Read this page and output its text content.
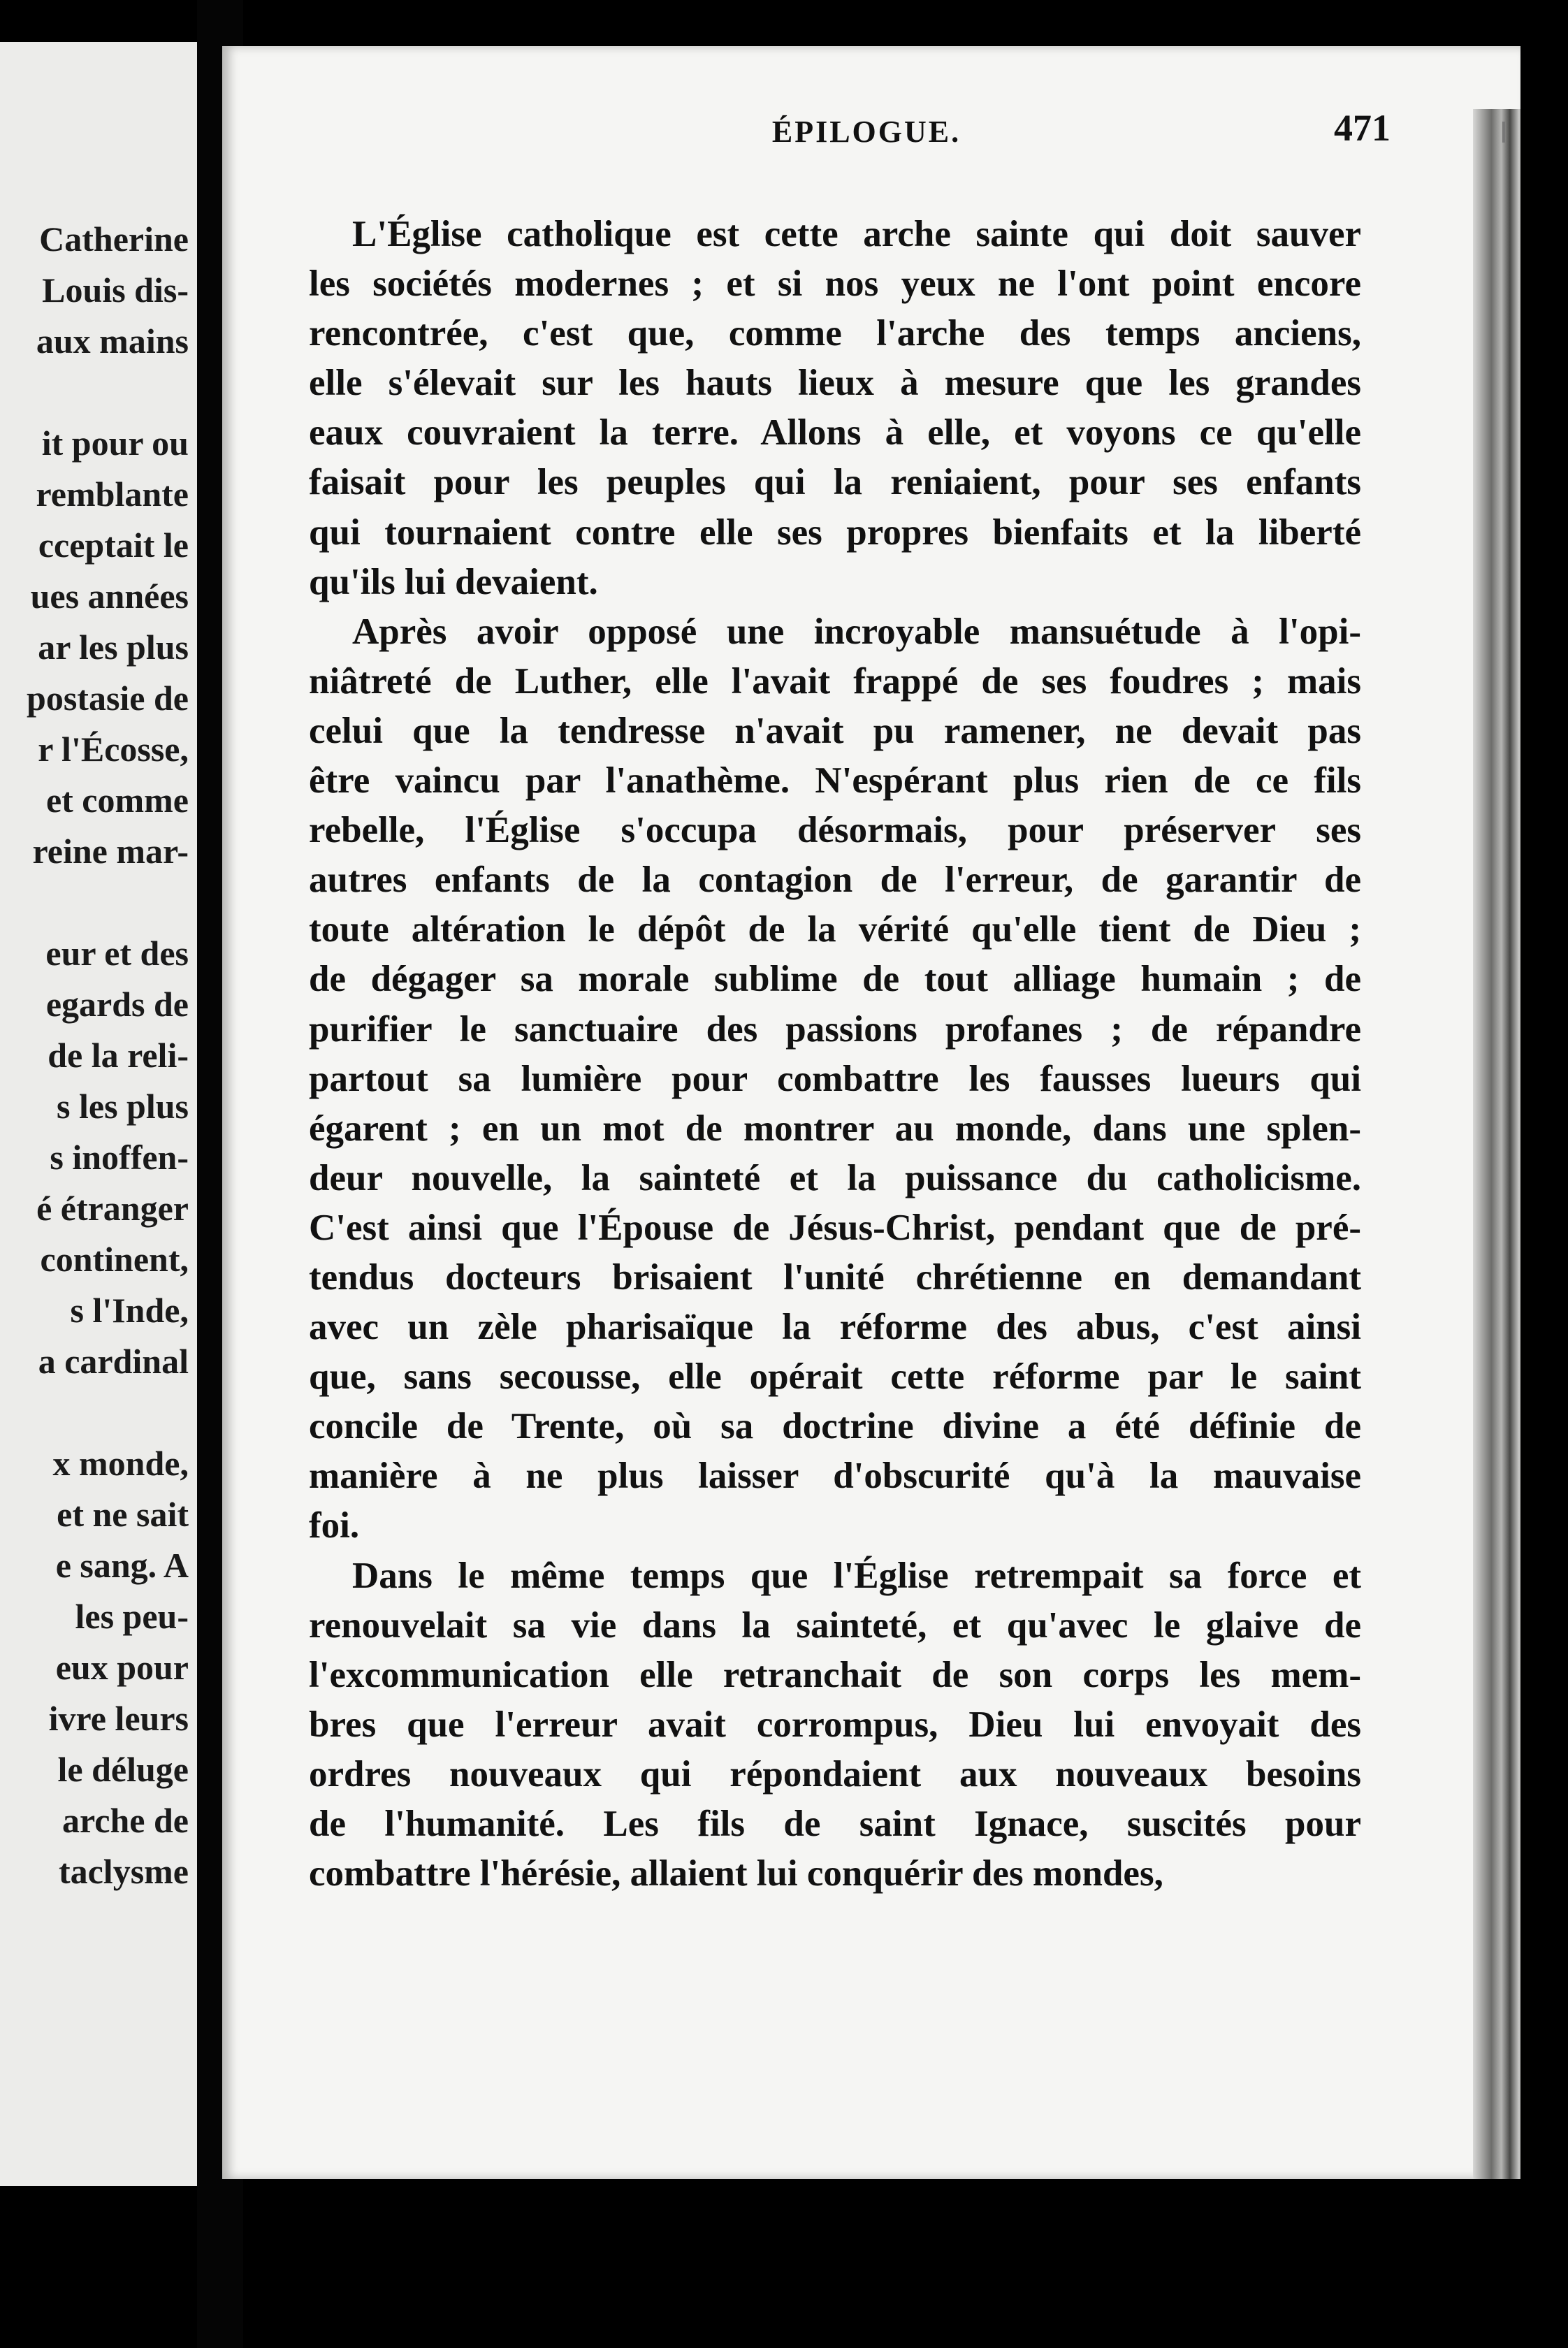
Catherine
Louis dis-
aux mains
it pour ou
remblante
cceptait le
ues années
ar les plus
postasie de
r l'Écosse,
et comme
reine mar-
eur et des
egards de
de la reli-
s les plus
s inoffen-
é étranger
continent,
s l'Inde,
a cardinal
x monde,
et ne sait
e sang. A
les peu-
eux pour
ivre leurs
le déluge
arche de
taclysme
ÉPILOGUE.	471
L'Église catholique est cette arche sainte qui doit sauver
les sociétés modernes ; et si nos yeux ne l'ont point encore
rencontrée, c'est que, comme l'arche des temps anciens,
elle s'élevait sur les hauts lieux à mesure que les grandes
eaux couvraient la terre. Allons à elle, et voyons ce qu'elle
faisait pour les peuples qui la reniaient, pour ses enfants
qui tournaient contre elle ses propres bienfaits et la liberté
qu'ils lui devaient.
Après avoir opposé une incroyable mansuétude à l'opi-
niâtreté de Luther, elle l'avait frappé de ses foudres ; mais
celui que la tendresse n'avait pu ramener, ne devait pas
être vaincu par l'anathème. N'espérant plus rien de ce fils
rebelle, l'Église s'occupa désormais, pour préserver ses
autres enfants de la contagion de l'erreur, de garantir de
toute altération le dépôt de la vérité qu'elle tient de Dieu ;
de dégager sa morale sublime de tout alliage humain ; de
purifier le sanctuaire des passions profanes ; de répandre
partout sa lumière pour combattre les fausses lueurs qui
égarent ; en un mot de montrer au monde, dans une splen-
deur nouvelle, la sainteté et la puissance du catholicisme.
C'est ainsi que l'Épouse de Jésus-Christ, pendant que de pré-
tendus docteurs brisaient l'unité chrétienne en demandant
avec un zèle pharisaïque la réforme des abus, c'est ainsi
que, sans secousse, elle opérait cette réforme par le saint
concile de Trente, où sa doctrine divine a été définie de
manière à ne plus laisser d'obscurité qu'à la mauvaise
foi.
Dans le même temps que l'Église retrempait sa force et
renouvelait sa vie dans la sainteté, et qu'avec le glaive de
l'excommunication elle retranchait de son corps les mem-
bres que l'erreur avait corrompus, Dieu lui envoyait des
ordres nouveaux qui répondaient aux nouveaux besoins
de l'humanité. Les fils de saint Ignace, suscités pour
combattre l'hérésie, allaient lui conquérir des mondes,
